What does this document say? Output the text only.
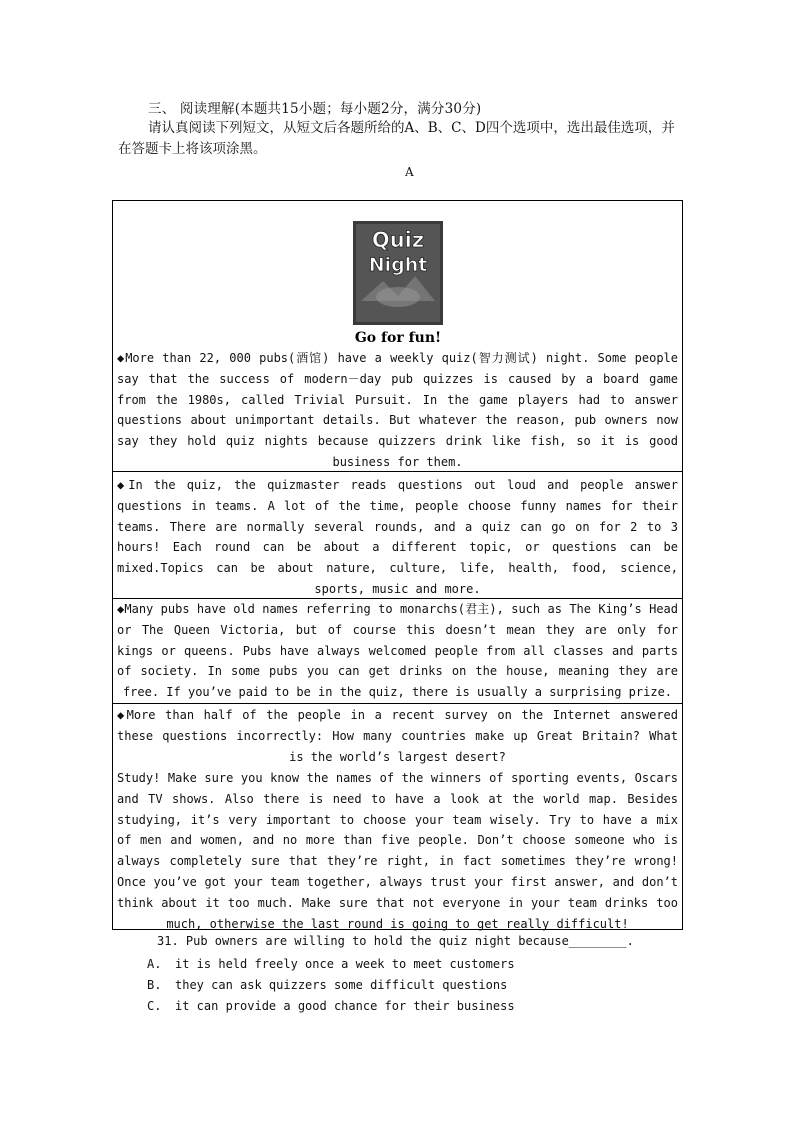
三、 阅读理解(本题共15小题；每小题2分，满分30分)
请认真阅读下列短文，从短文后各题所给的A、B、C、D四个选项中，选出最佳选项，并在答题卡上将该项涂黑。
A
Quiz
Night
Go for fun!
◆More than 22, 000 pubs(酒馆) have a weekly quiz(智力测试) night. Some people say that the success of modern－day pub quizzes is caused by a board game from the 1980s, called Trivial Pursuit. In the game players had to answer questions about unimportant details. But whatever the reason, pub owners now say they hold quiz nights because quizzers drink like fish, so it is good business for them.
◆In the quiz, the quizmaster reads questions out loud and people answer questions in teams. A lot of the time, people choose funny names for their teams. There are normally several rounds, and a quiz can go on for 2 to 3 hours! Each round can be about a different topic, or questions can be mixed.Topics can be about nature, culture, life, health, food, science, sports, music and more.
◆Many pubs have old names referring to monarchs(君主), such as The King’s Head or The Queen Victoria, but of course this doesn’t mean they are only for kings or queens. Pubs have always welcomed people from all classes and parts of society. In some pubs you can get drinks on the house, meaning they are free. If you’ve paid to be in the quiz, there is usually a surprising prize.
◆More than half of the people in a recent survey on the Internet answered these questions incorrectly: How many countries make up Great Britain? What is the world’s largest desert?
Study! Make sure you know the names of the winners of sporting events, Oscars and TV shows. Also there is need to have a look at the world map. Besides studying, it’s very important to choose your team wisely. Try to have a mix of men and women, and no more than five people. Don’t choose someone who is always completely sure that they’re right, in fact sometimes they’re wrong! Once you’ve got your team together, always trust your first answer, and don’t think about it too much. Make sure that not everyone in your team drinks too much, otherwise the last round is going to get really difficult!
31. Pub owners are willing to hold the quiz night because________.
A. it is held freely once a week to meet customers
B. they can ask quizzers some difficult questions
C. it can provide a good chance for their business
